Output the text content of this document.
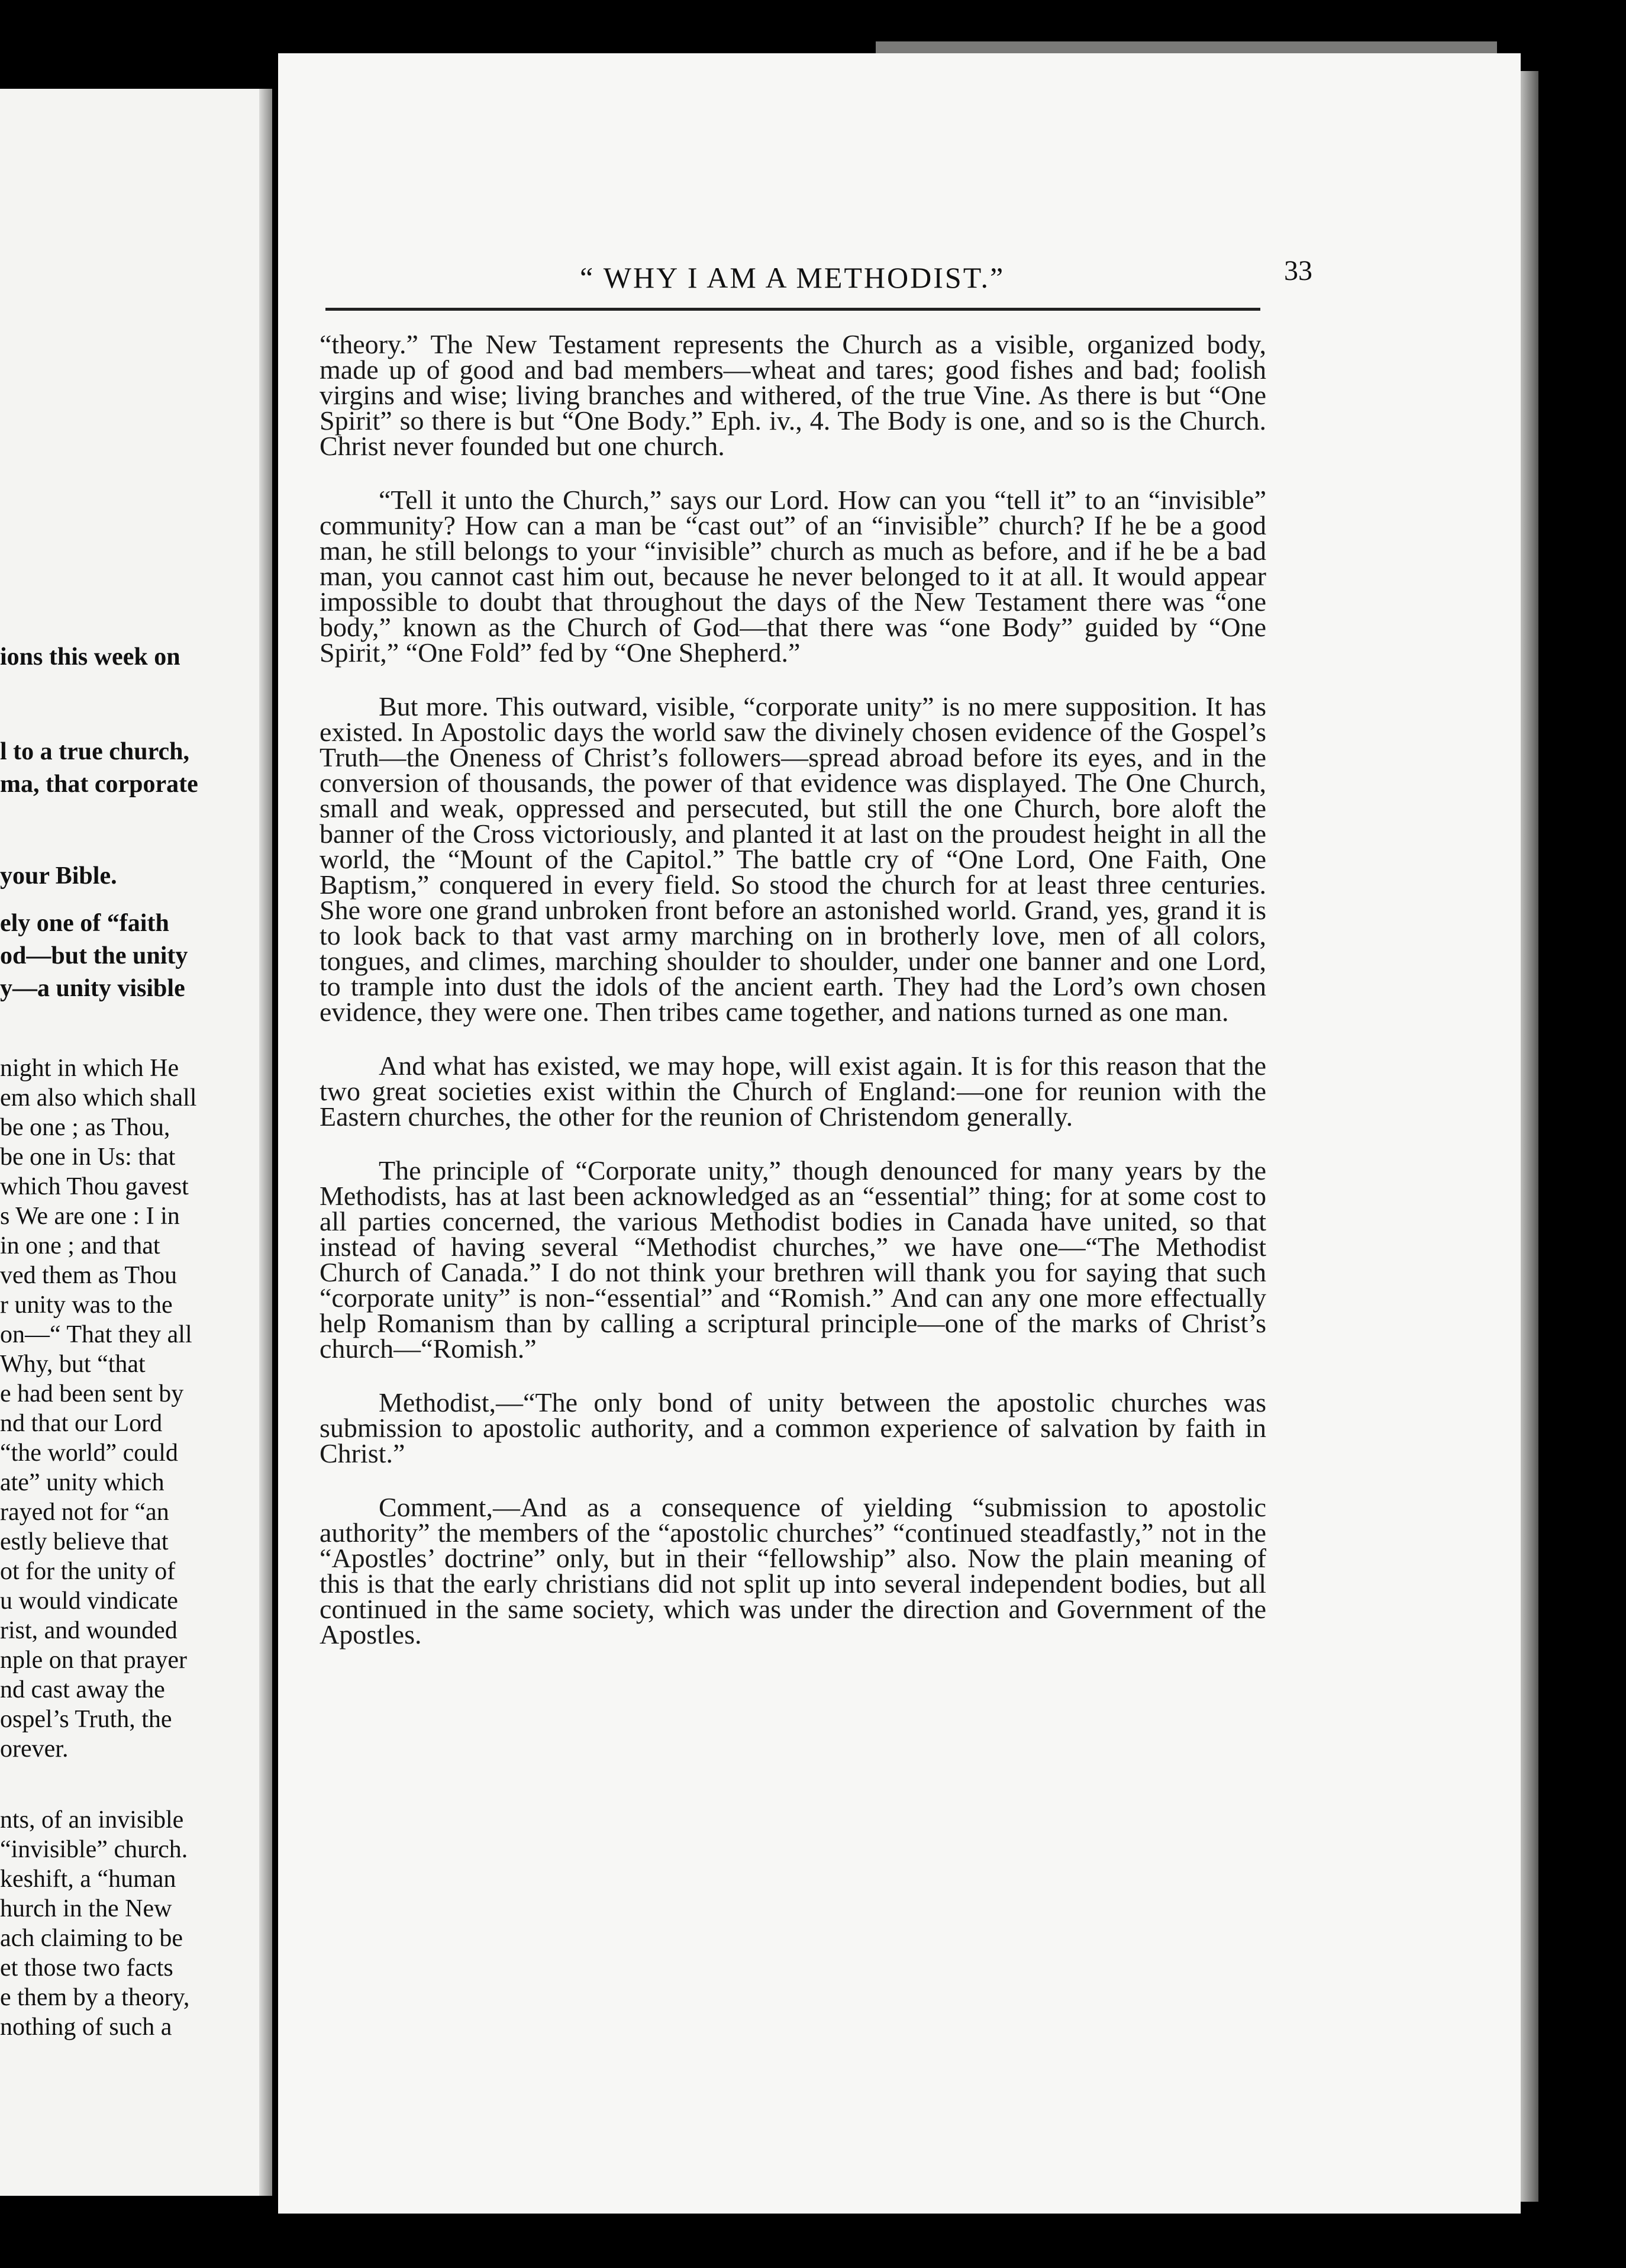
ions this week on
l to a true church,
ma, that corporate
your Bible.
ely one of “faith
od—but the unity
y—a unity visible
night in which He
em also which shall
be one ; as Thou,
be one in Us: that
which Thou gavest
s We are one : I in
in one ; and that
ved them as Thou
r unity was to the
on—“ That they all
Why, but “that
e had been sent by
nd that our Lord
“the world” could
ate” unity which
rayed not for “an
estly believe that
ot for the unity of
u would vindicate
rist, and wounded
nple on that prayer
nd cast away the
ospel’s Truth, the
orever.
nts, of an invisible
“invisible” church.
keshift, a “human
hurch in the New
ach claiming to be
et those two facts
e them by a theory,
nothing of such a
“ WHY I AM A METHODIST.”	33

“theory.” The New Testament represents the Church as a visible, organized body, made up of good and bad members—wheat and tares; good fishes and bad; foolish virgins and wise; living branches and withered, of the true Vine. As there is but “One Spirit” so there is but “One Body.” Eph. iv., 4. The Body is one, and so is the Church. Christ never founded but one church.

“Tell it unto the Church,” says our Lord. How can you “tell it” to an “invisible” community? How can a man be “cast out” of an “invisible” church? If he be a good man, he still belongs to your “invisible” church as much as before, and if he be a bad man, you cannot cast him out, because he never belonged to it at all. It would appear impossible to doubt that throughout the days of the New Testament there was “one body,” known as the Church of God—that there was “one Body” guided by “One Spirit,” “One Fold” fed by “One Shepherd.”

But more. This outward, visible, “corporate unity” is no mere supposition. It has existed. In Apostolic days the world saw the divinely chosen evidence of the Gospel’s Truth—the Oneness of Christ’s followers—spread abroad before its eyes, and in the conversion of thousands, the power of that evidence was displayed. The One Church, small and weak, oppressed and persecuted, but still the one Church, bore aloft the banner of the Cross victoriously, and planted it at last on the proudest height in all the world, the “Mount of the Capitol.” The battle cry of “One Lord, One Faith, One Baptism,” conquered in every field. So stood the church for at least three centuries. She wore one grand unbroken front before an astonished world. Grand, yes, grand it is to look back to that vast army marching on in brotherly love, men of all colors, tongues, and climes, marching shoulder to shoulder, under one banner and one Lord, to trample into dust the idols of the ancient earth. They had the Lord’s own chosen evidence, they were one. Then tribes came together, and nations turned as one man.

And what has existed, we may hope, will exist again. It is for this reason that the two great societies exist within the Church of England:—one for reunion with the Eastern churches, the other for the reunion of Christendom generally.

The principle of “Corporate unity,” though denounced for many years by the Methodists, has at last been acknowledged as an “essential” thing; for at some cost to all parties concerned, the various Methodist bodies in Canada have united, so that instead of having several “Methodist churches,” we have one—“The Methodist Church of Canada.” I do not think your brethren will thank you for saying that such “corporate unity” is non-“essential” and “Romish.” And can any one more effectually help Romanism than by calling a scriptural principle—one of the marks of Christ’s church—“Romish.”

Methodist,—“The only bond of unity between the apostolic churches was submission to apostolic authority, and a common experience of salvation by faith in Christ.”

Comment,—And as a consequence of yielding “submission to apostolic authority” the members of the “apostolic churches” “continued steadfastly,” not in the “Apostles’ doctrine” only, but in their “fellowship” also. Now the plain meaning of this is that the early christians did not split up into several independent bodies, but all continued in the same society, which was under the direction and Government of the Apostles.
